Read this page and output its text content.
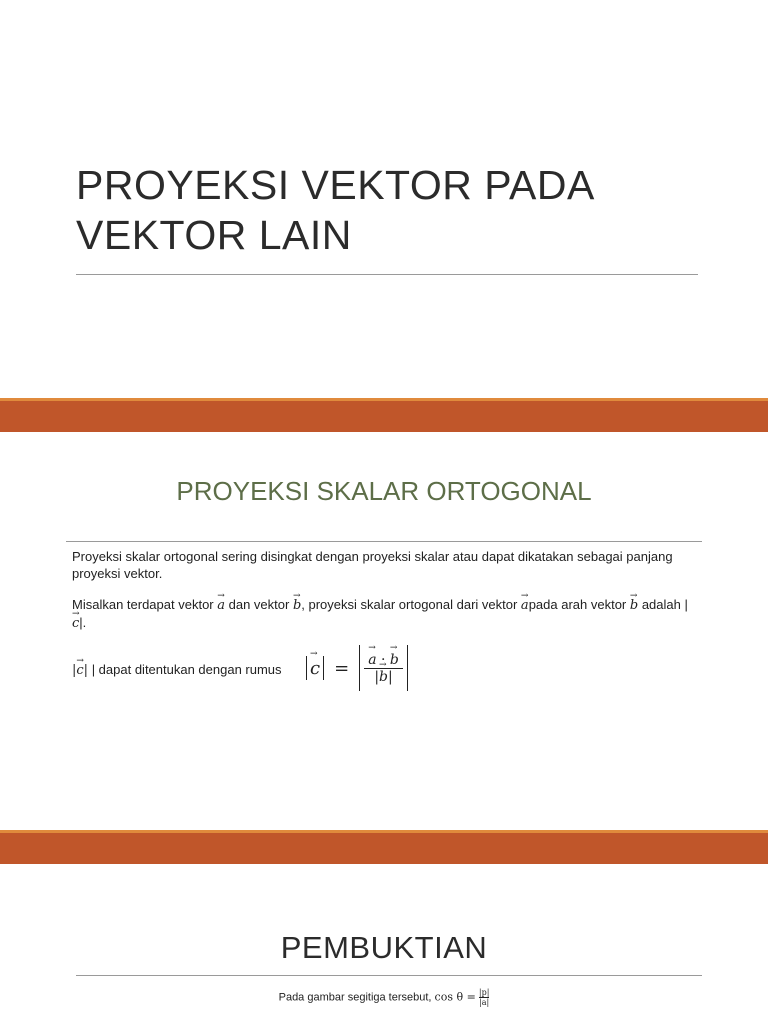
PROYEKSI VEKTOR PADA VEKTOR LAIN
PROYEKSI SKALAR ORTOGONAL
Proyeksi skalar ortogonal sering disingkat dengan proyeksi skalar atau dapat dikatakan sebagai panjang proyeksi vektor.
Misalkan terdapat vektor → a dan vektor → b, proyeksi skalar ortogonal dari vektor → apada arah vektor → b adalah |→ c|.
|→ c| | dapat ditentukan dengan rumus	→ c = → $\frac{a \cdot \to b}{|\to b|}$
PEMBUKTIAN
Pada gambar segitiga tersebut, $\cos \theta = \frac{|p|}{|a|}$
